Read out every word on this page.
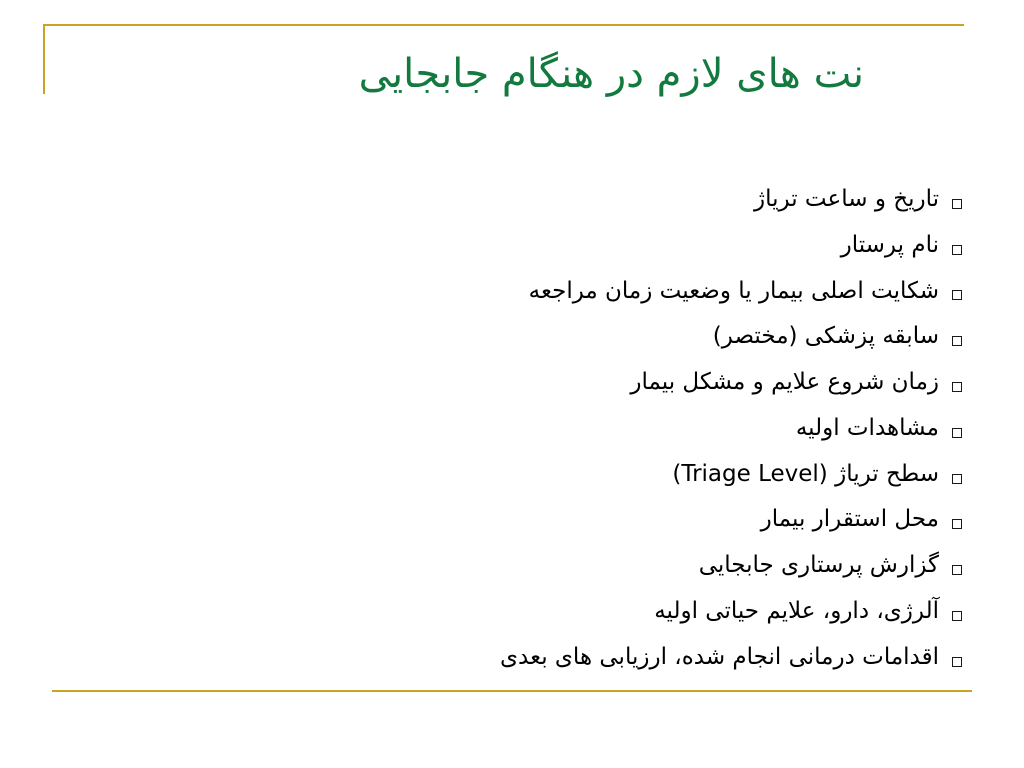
نت های لازم در هنگام جابجایی
تاریخ و ساعت تریاژ
نام پرستار
شکایت اصلی بیمار یا وضعیت زمان مراجعه
سابقه پزشکی (مختصر)
زمان شروع علایم و مشکل بیمار
مشاهدات اولیه
سطح تریاژ (Triage Level)
محل استقرار بیمار
گزارش پرستاری جابجایی
آلرژی، دارو، علایم حیاتی اولیه
اقدامات درمانی انجام شده، ارزیابی های بعدی
